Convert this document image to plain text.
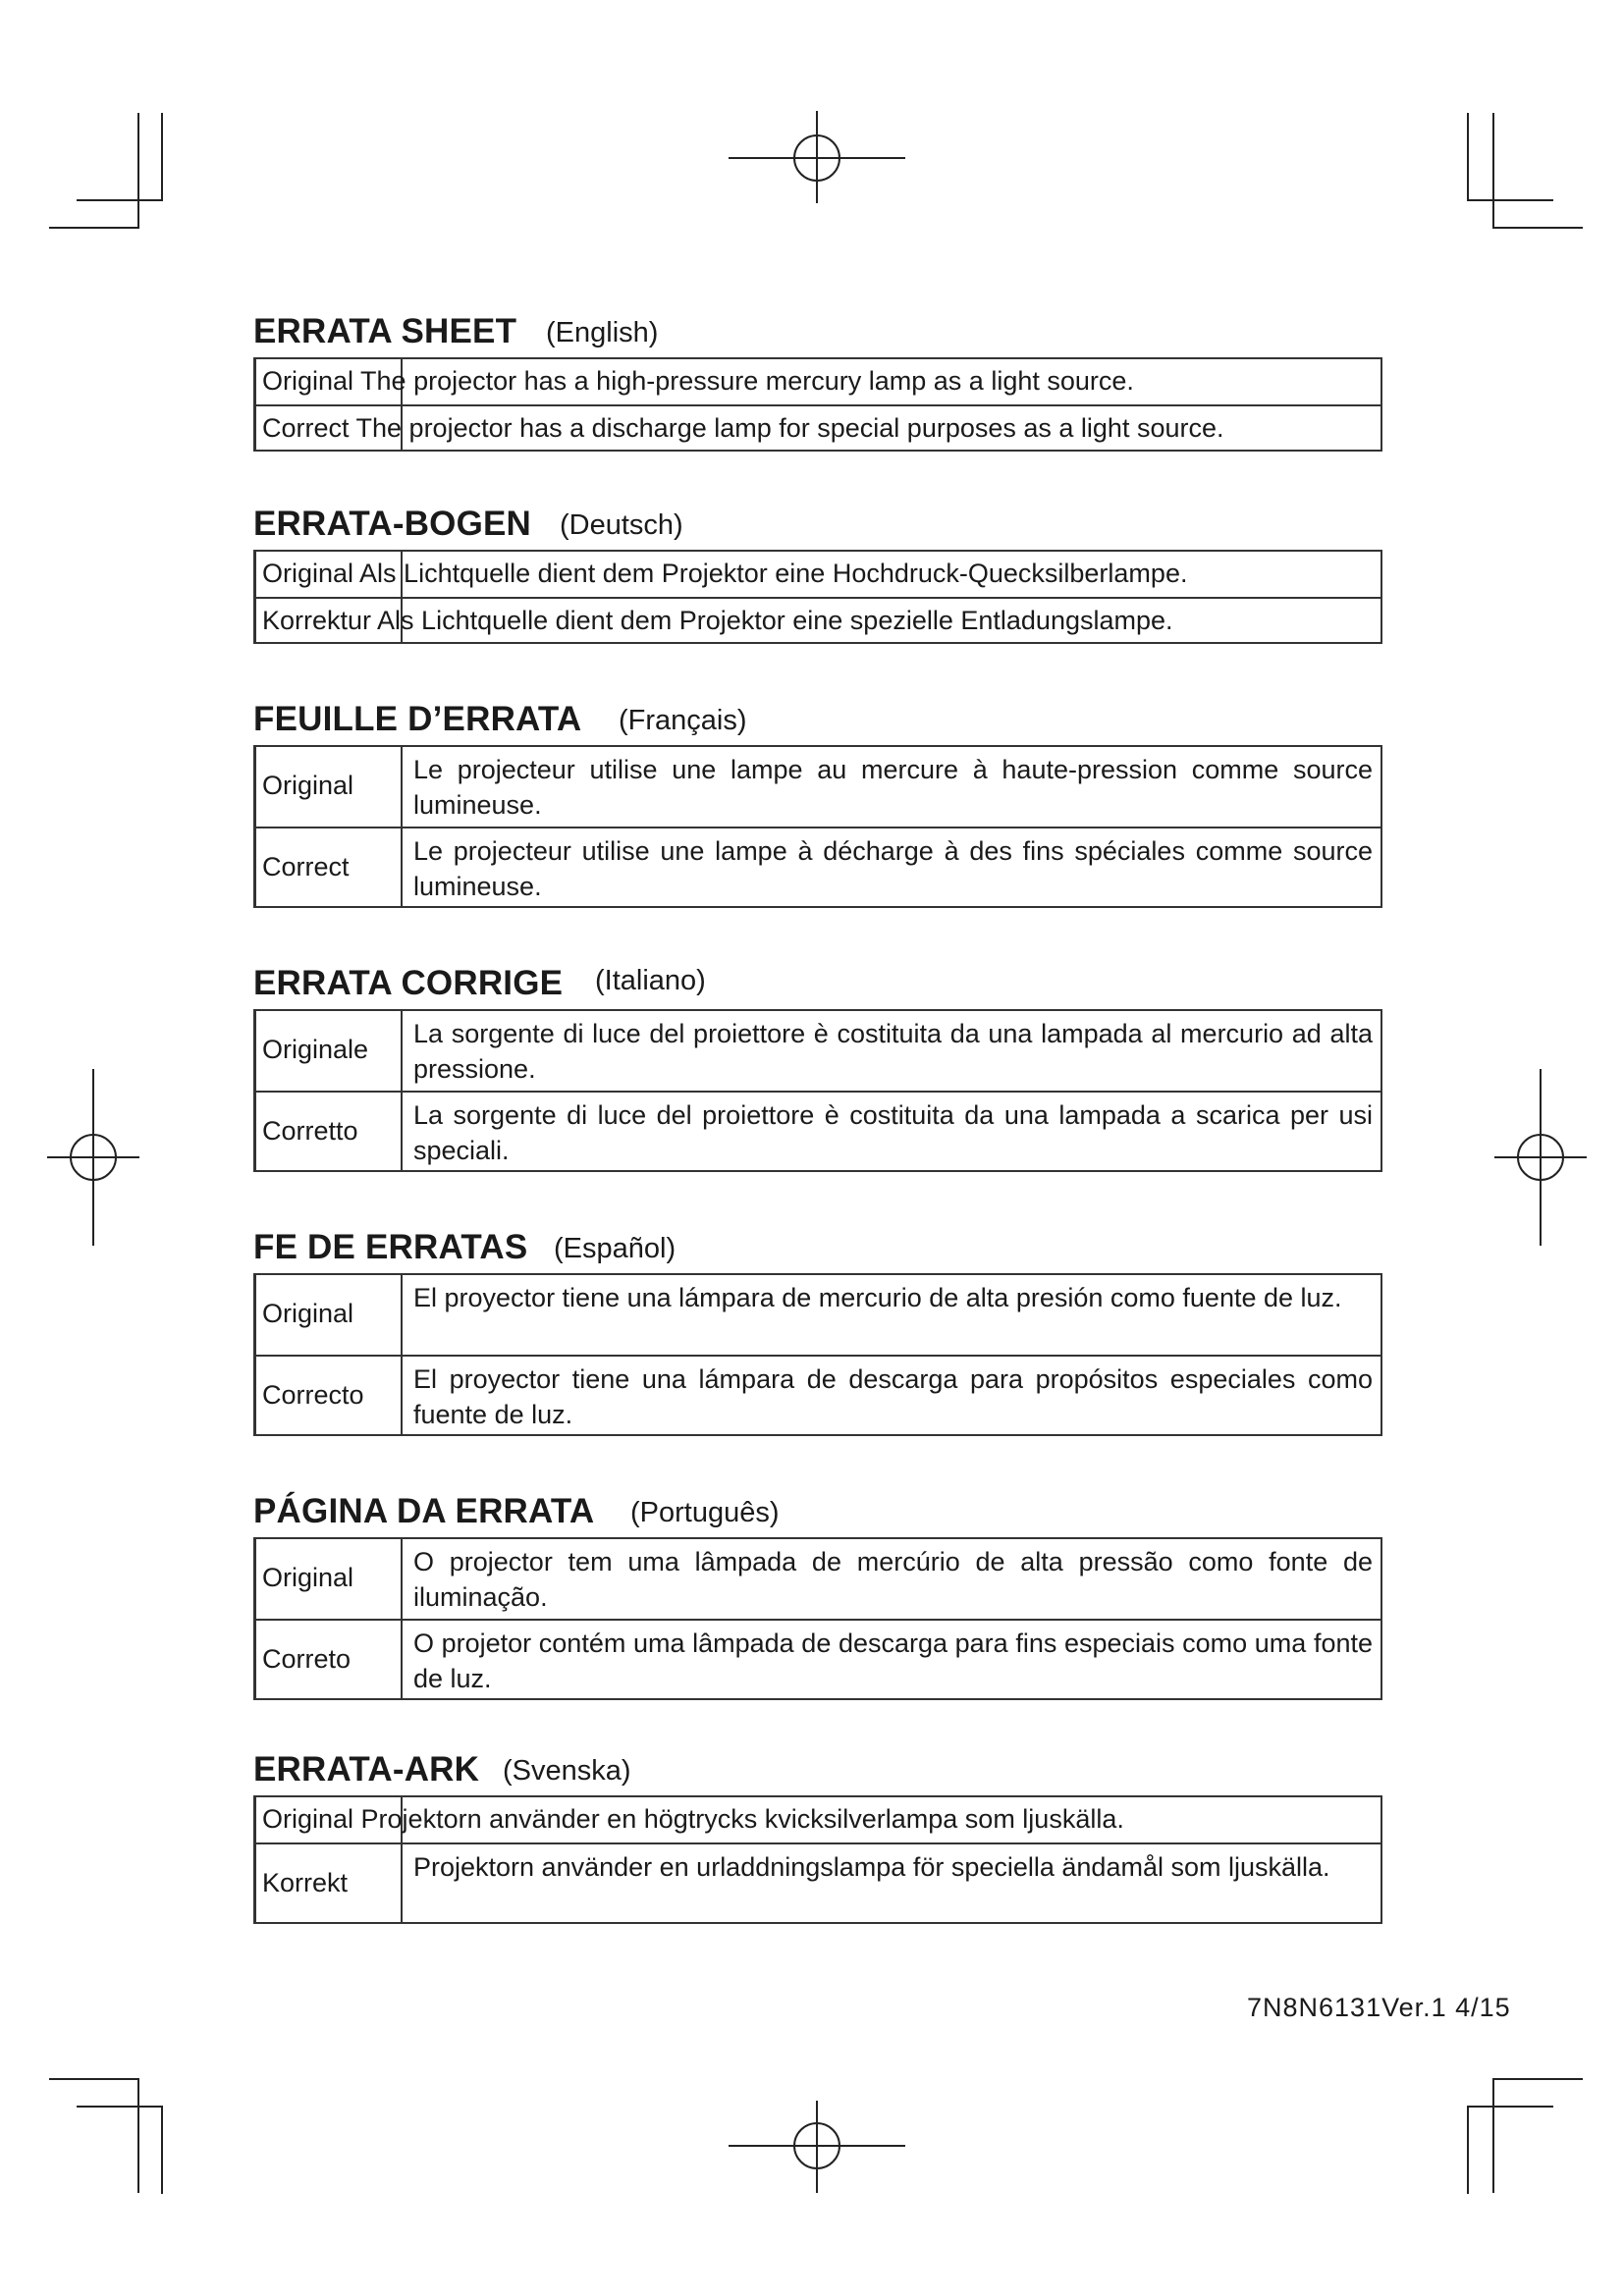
ERRATA SHEET (English)
Original The projector has a high-pressure mercury lamp as a light source.
Correct The projector has a discharge lamp for special purposes as a light source.
ERRATA-BOGEN (Deutsch)
Original Als Lichtquelle dient dem Projektor eine Hochdruck-Quecksilberlampe.
Korrektur Als Lichtquelle dient dem Projektor eine spezielle Entladungslampe.
FEUILLE D’ERRATA (Français)
Original
Le projecteur utilise une lampe au mercure à haute-pression comme source lumineuse.
Correct
Le projecteur utilise une lampe à décharge à des fins spéciales comme source lumineuse.
ERRATA CORRIGE (Italiano)
Originale
La sorgente di luce del proiettore è costituita da una lampada al mercurio ad alta pressione.
Corretto
La sorgente di luce del proiettore è costituita da una lampada a scarica per usi speciali.
FE DE ERRATAS (Español)
Original
El proyector tiene una lámpara de mercurio de alta presión como fuente de luz.
Correcto
El proyector tiene una lámpara de descarga para propósitos especiales como fuente de luz.
PÁGINA DA ERRATA (Português)
Original
O projector tem uma lâmpada de mercúrio de alta pressão como fonte de iluminação.
Correto
O projetor contém uma lâmpada de descarga para fins especiais como uma fonte de luz.
ERRATA-ARK (Svenska)
Original Projektorn använder en högtrycks kvicksilverlampa som ljuskälla.
Korrekt
Projektorn använder en urladdningslampa för speciella ändamål som ljuskälla.
7N8N6131Ver.1 4/15
